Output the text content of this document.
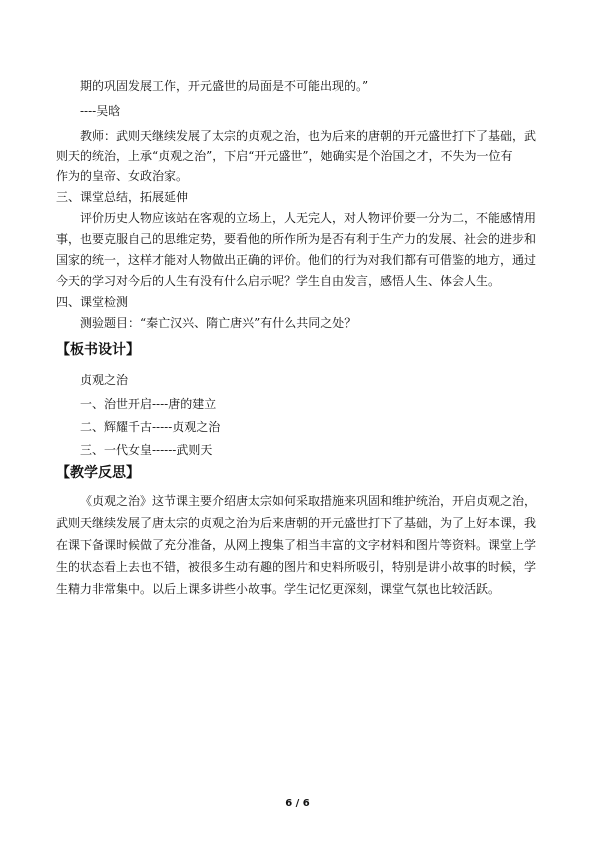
期的巩固发展工作，开元盛世的局面是不可能出现的。”
----吴晗
教师：武则天继续发展了太宗的贞观之治，也为后来的唐朝的开元盛世打下了基础，武
则天的统治，上承“贞观之治”，下启“开元盛世”，她确实是个治国之才，不失为一位有
作为的皇帝、女政治家。
三、课堂总结，拓展延伸
评价历史人物应该站在客观的立场上，人无完人，对人物评价要一分为二，不能感情用
事，也要克服自己的思维定势，要看他的所作所为是否有利于生产力的发展、社会的进步和
国家的统一，这样才能对人物做出正确的评价。他们的行为对我们都有可借鉴的地方，通过
今天的学习对今后的人生有没有什么启示呢？学生自由发言，感悟人生、体会人生。
四、课堂检测
测验题目：“秦亡汉兴、隋亡唐兴”有什么共同之处？
【板书设计】
贞观之治
一、治世开启----唐的建立
二、辉耀千古-----贞观之治
三、一代女皇------武则天
【教学反思】
《贞观之治》这节课主要介绍唐太宗如何采取措施来巩固和维护统治，开启贞观之治，
武则天继续发展了唐太宗的贞观之治为后来唐朝的开元盛世打下了基础，为了上好本课，我
在课下备课时候做了充分准备，从网上搜集了相当丰富的文字材料和图片等资料。课堂上学
生的状态看上去也不错，被很多生动有趣的图片和史料所吸引，特别是讲小故事的时候，学
生精力非常集中。以后上课多讲些小故事。学生记忆更深刻，课堂气氛也比较活跃。
6 / 6
